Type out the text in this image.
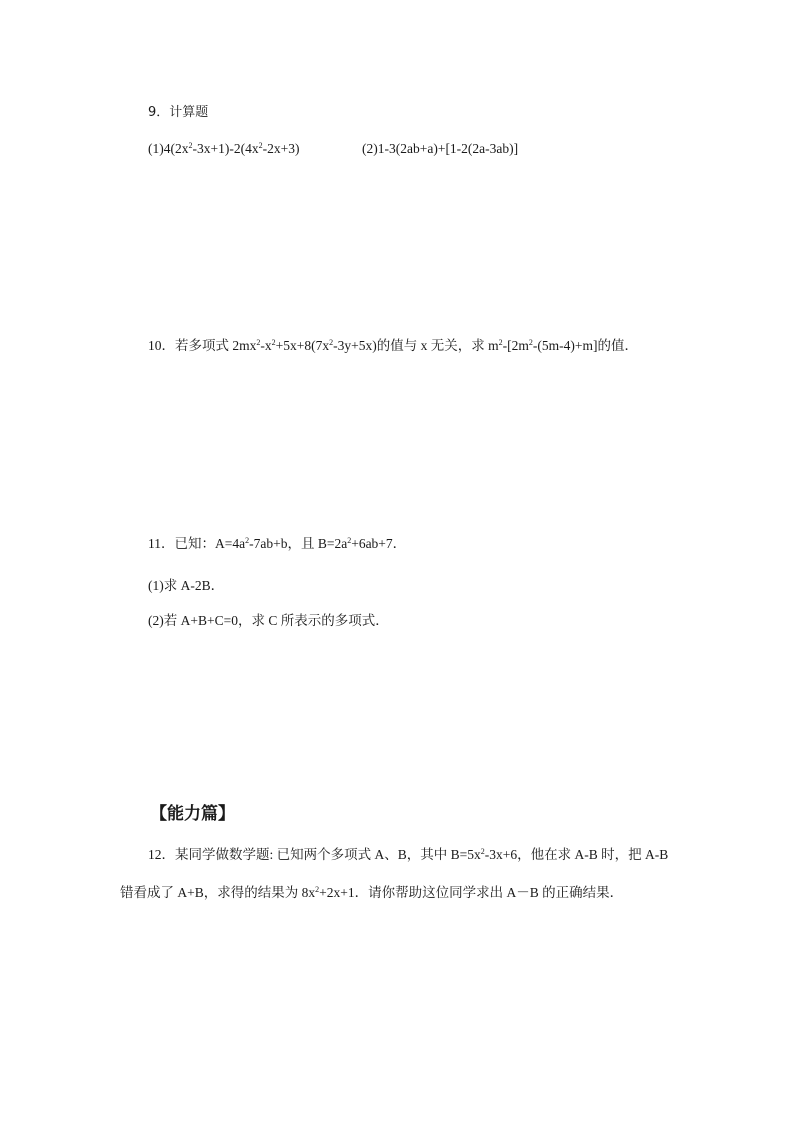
9．计算题
$(1)4(2x^2-3x+1)-2(4x^2-2x+3)$	(2)1-3(2ab+a)+[1-2(2a-3ab)]
10．若多项式 $2mx^2-x^2+5x+8(7x^2-3y+5x)$的值与 x 无关，求 $m^2-[2m^2-(5m-4)+m]$的值．
11．已知：$A=4a^2-7ab+b$，且 $B=2a^2+6ab+7$．
(1)求 A-2B．
(2)若 A+B+C=0，求 C 所表示的多项式．
【能力篇】
12．某同学做数学题: 已知两个多项式 A、B，其中 $B=5x^2-3x+6$，他在求 A-B 时，把 A-B
错看成了 A+B，求得的结果为 $8x^2+2x+1$．请你帮助这位同学求出 A－B 的正确结果．
